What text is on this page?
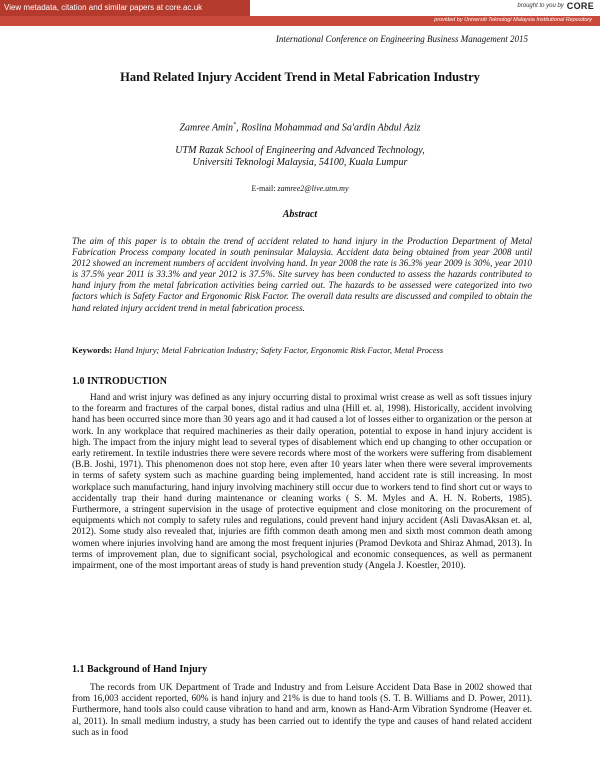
View metadata, citation and similar papers at core.ac.uk	brought to you by CORE
provided by Universiti Teknologi Malaysia Institutional Repository
International Conference on Engineering Business Management 2015
Hand Related Injury Accident Trend in Metal Fabrication Industry
Zamree Amin*, Roslina Mohammad and Sa'ardin Abdul Aziz
UTM Razak School of Engineering and Advanced Technology,
Universiti Teknologi Malaysia, 54100, Kuala Lumpur
E-mail: zamree2@live.utm.my
Abstract
The aim of this paper is to obtain the trend of accident related to hand injury in the Production Department of Metal Fabrication Process company located in south peninsular Malaysia. Accident data being obtained from year 2008 until 2012 showed an increment numbers of accident involving hand. In year 2008 the rate is 36.3% year 2009 is 30%, year 2010 is 37.5% year 2011 is 33.3% and year 2012 is 37.5%. Site survey has been conducted to assess the hazards contributed to hand injury from the metal fabrication activities being carried out. The hazards to be assessed were categorized into two factors which is Safety Factor and Ergonomic Risk Factor. The overall data results are discussed and compiled to obtain the hand related injury accident trend in metal fabrication process.
Keywords: Hand Injury; Metal Fabrication Industry; Safety Factor, Ergonomic Risk Factor, Metal Process
1.0 INTRODUCTION
Hand and wrist injury was defined as any injury occurring distal to proximal wrist crease as well as soft tissues injury to the forearm and fractures of the carpal bones, distal radius and ulna (Hill et. al, 1998). Historically, accident involving hand has been occurred since more than 30 years ago and it had caused a lot of losses either to organization or the person at work. In any workplace that required machineries as their daily operation, potential to expose in hand injury accident is high. The impact from the injury might lead to several types of disablement which end up changing to other occupation or early retirement. In textile industries there were severe records where most of the workers were suffering from disablement (B.B. Joshi, 1971). This phenomenon does not stop here, even after 10 years later when there were several improvements in terms of safety system such as machine guarding being implemented, hand accident rate is still increasing. In most workplace such manufacturing, hand injury involving machinery still occur due to workers tend to find short cut or ways to accidentally trap their hand during maintenance or cleaning works ( S. M. Myles and A. H. N. Roberts, 1985). Furthermore, a stringent supervision in the usage of protective equipment and close monitoring on the procurement of equipments which not comply to safety rules and regulations, could prevent hand injury accident (Asli DavasAksan et. al, 2012). Some study also revealed that, injuries are fifth common death among men and sixth most common death among women where injuries involving hand are among the most frequent injuries (Pramod Devkota and Shiraz Ahmad, 2013). In terms of improvement plan, due to significant social, psychological and economic consequences, as well as permanent impairment, one of the most important areas of study is hand prevention study (Angela J. Koestler, 2010).
1.1 Background of Hand Injury
The records from UK Department of Trade and Industry and from Leisure Accident Data Base in 2002 showed that from 16,003 accident reported, 60% is hand injury and 21% is due to hand tools (S. T. B. Williams and D. Power, 2011). Furthermore, hand tools also could cause vibration to hand and arm, known as Hand-Arm Vibration Syndrome (Heaver et. al, 2011). In small medium industry, a study has been carried out to identify the type and causes of hand related accident such as in food
